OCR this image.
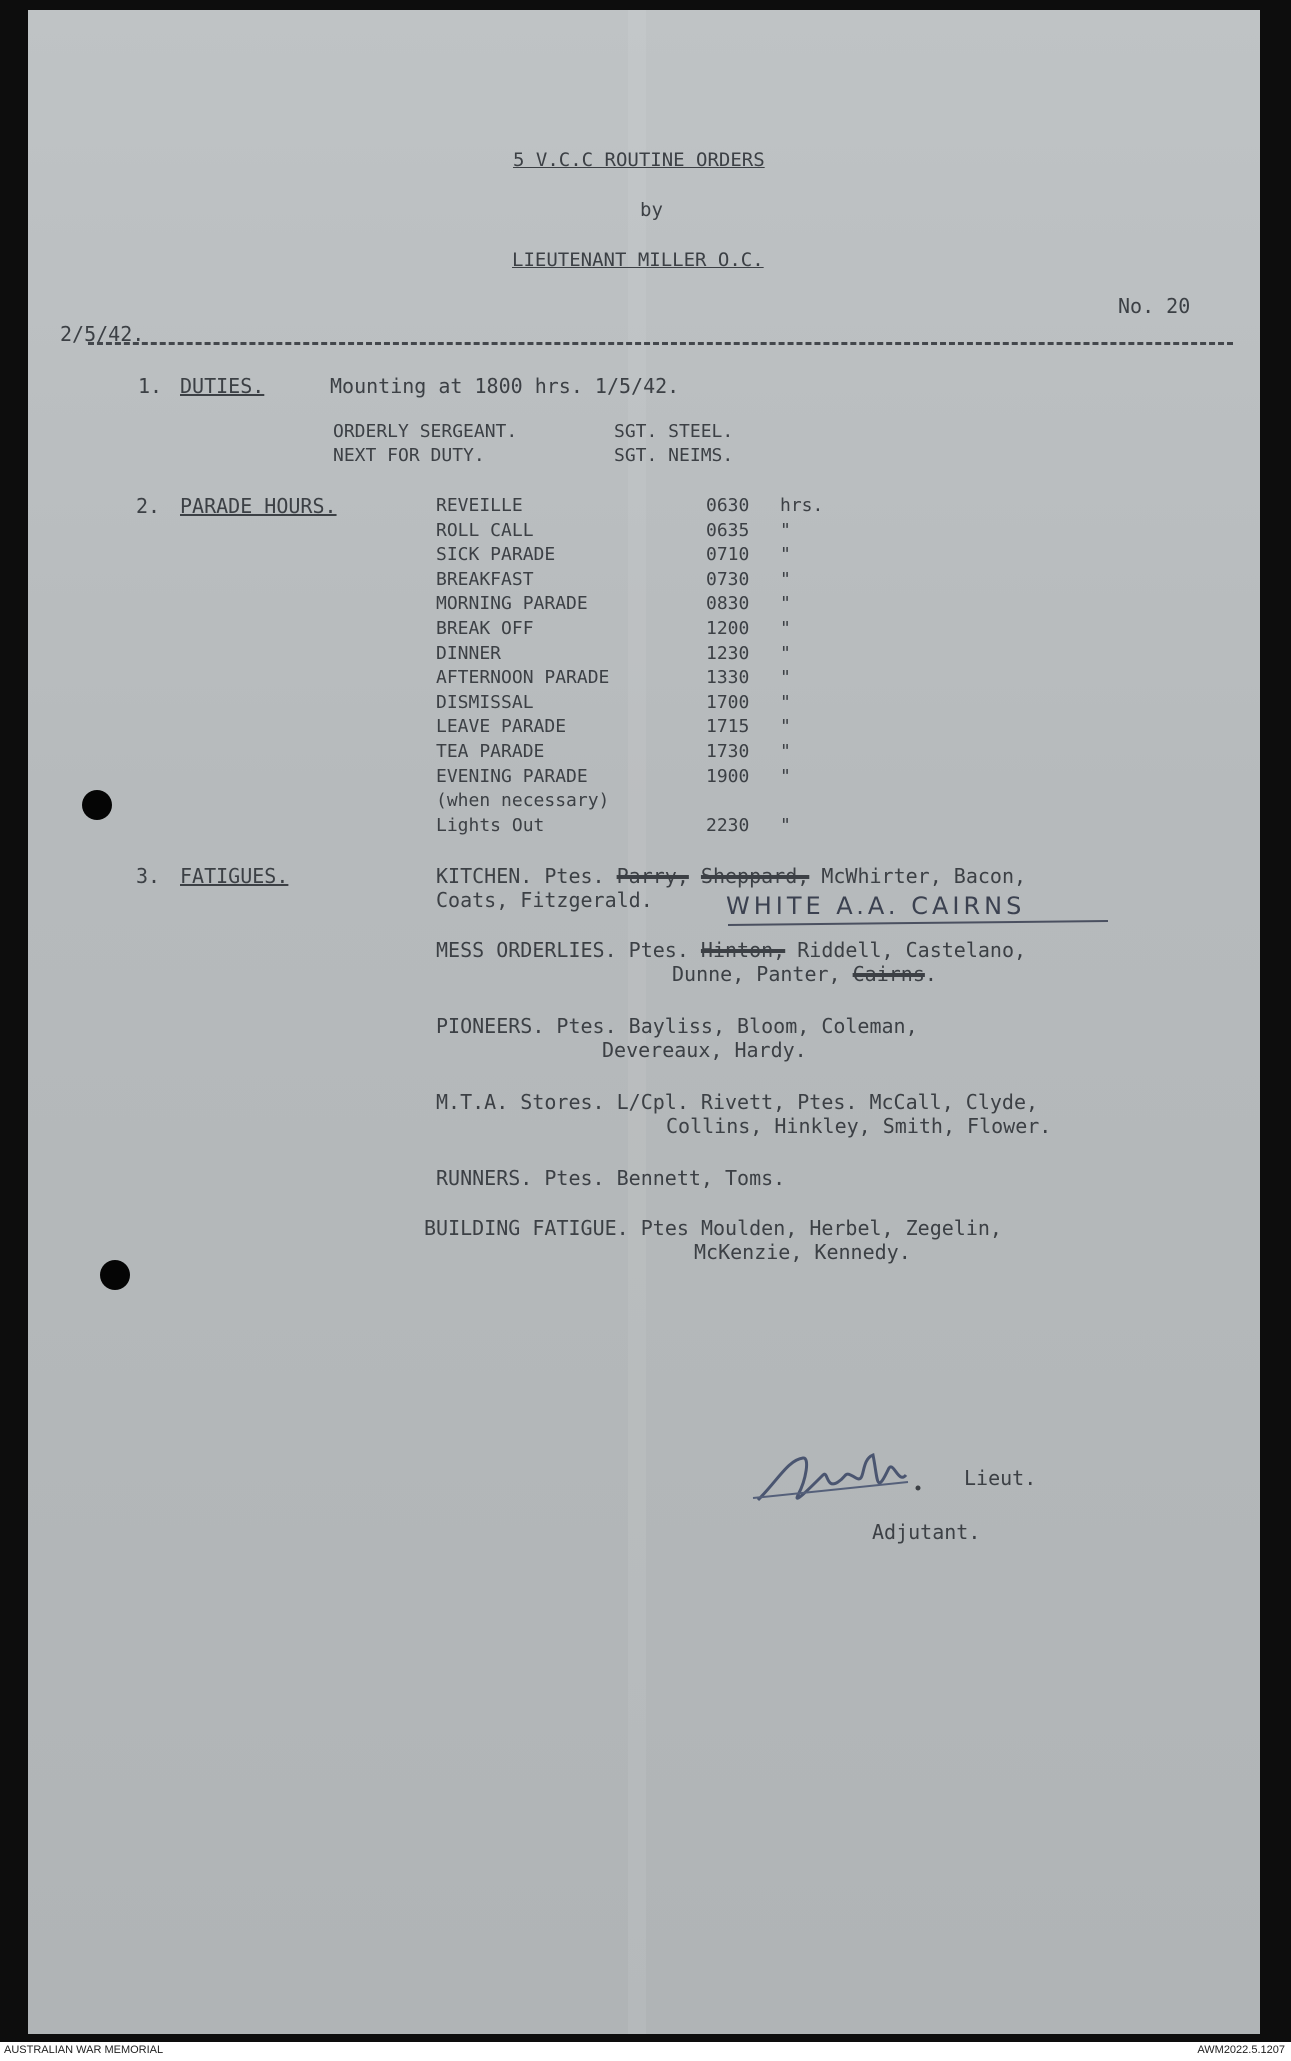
5 V.C.C ROUTINE ORDERS
by
LIEUTENANT MILLER O.C.
No. 20
2/5/42.
1. DUTIES.	Mounting at 1800 hrs. 1/5/42.
ORDERLY SERGEANT.	SGT. STEEL.
NEXT FOR DUTY.	SGT. NEIMS.
2. PARADE HOURS.
3. FATIGUES.	KITCHEN. Ptes. Parry, Sheppard, McWhirter, Bacon,
Coats, Fitzgerald.	WHITE A.A. CAIRNS
MESS ORDERLIES. Ptes. Hinton, Riddell, Castelano,
Dunne, Panter, Cairns.
PIONEERS. Ptes. Bayliss, Bloom, Coleman,
Devereaux, Hardy.
M.T.A. Stores. L/Cpl. Rivett, Ptes. McCall, Clyde,
Collins, Hinkley, Smith, Flower.
RUNNERS. Ptes. Bennett, Toms.
BUILDING FATIGUE. Ptes Moulden, Herbel, Zegelin,
McKenzie, Kennedy.
Lieut.
Adjutant.
REVEILLE	0630 hrs.
ROLL CALL	0635 "
SICK PARADE	0710 "
BREAKFAST	0730 "
MORNING PARADE	0830 "
BREAK OFF	1200 "
DINNER	1230 "
AFTERNOON PARADE	1330 "
DISMISSAL	1700 "
LEAVE PARADE	1715 "
TEA PARADE	1730 "
EVENING PARADE	1900 "
(when necessary)
Lights Out	2230 "
AUSTRALIAN WAR MEMORIAL	AWM2022.5.1207
